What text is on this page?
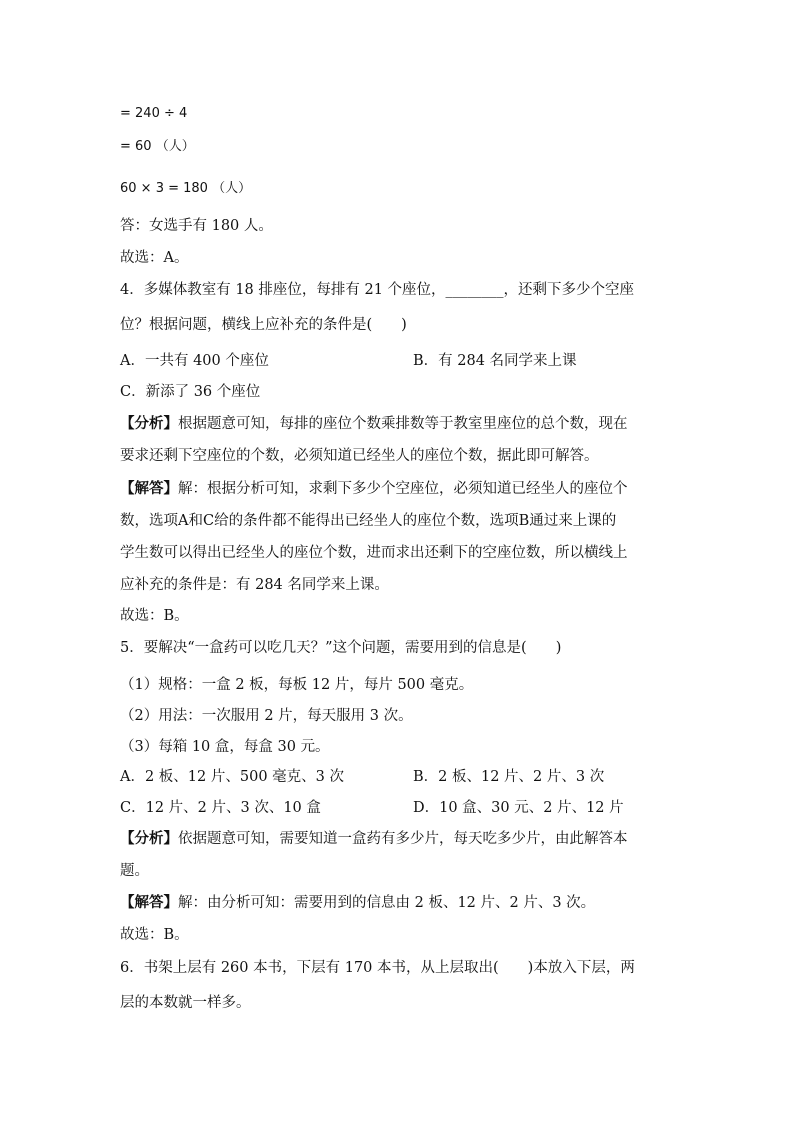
= 240 ÷ 4
= 60 （人）
60 × 3 = 180 （人）
答：女选手有 180 人。
故选：A。
4．多媒体教室有 18 排座位，每排有 21 个座位，________，还剩下多少个空座
位？根据问题，横线上应补充的条件是(　　)
A．一共有 400 个座位	B．有 284 名同学来上课
C．新添了 36 个座位
【分析】根据题意可知，每排的座位个数乘排数等于教室里座位的总个数，现在
要求还剩下空座位的个数，必须知道已经坐人的座位个数，据此即可解答。
【解答】解：根据分析可知，求剩下多少个空座位，必须知道已经坐人的座位个
数，选项A和C给的条件都不能得出已经坐人的座位个数，选项B通过来上课的
学生数可以得出已经坐人的座位个数，进而求出还剩下的空座位数，所以横线上
应补充的条件是：有 284 名同学来上课。
故选：B。
5．要解决“一盒药可以吃几天？”这个问题，需要用到的信息是(　　)
（1）规格：一盒 2 板，每板 12 片，每片 500 毫克。
（2）用法：一次服用 2 片，每天服用 3 次。
（3）每箱 10 盒，每盒 30 元。
A．2 板、12 片、500 毫克、3 次	B．2 板、12 片、2 片、3 次
C．12 片、2 片、3 次、10 盒	D．10 盒、30 元、2 片、12 片
【分析】依据题意可知，需要知道一盒药有多少片，每天吃多少片，由此解答本
题。
【解答】解：由分析可知：需要用到的信息由 2 板、12 片、2 片、3 次。
故选：B。
6．书架上层有 260 本书，下层有 170 本书，从上层取出(　　)本放入下层，两
层的本数就一样多。
